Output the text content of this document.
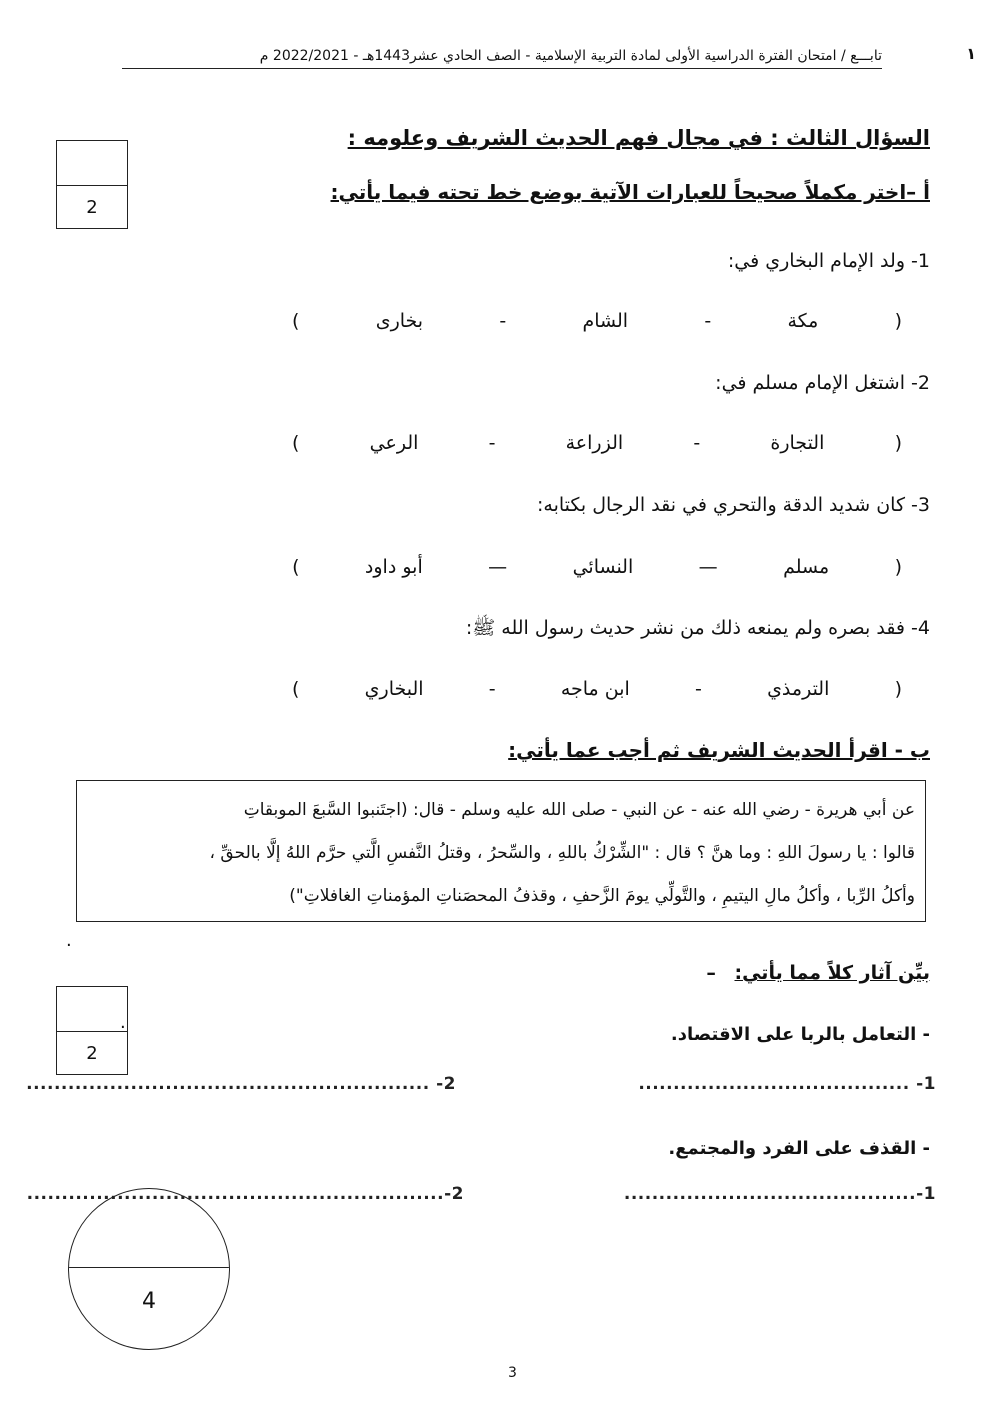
تابـــع / امتحان الفترة الدراسية الأولى لمادة التربية الإسلامية - الصف الحادي عشر1443هـ - 2022/2021 م	١
2
السؤال الثالث : في مجال فهم الحديث الشريف وعلومه :
أ –اختر مكملاً صحيحاً للعبارات الآتية بوضع خط تحته فيما يأتي:
1- ولد الإمام البخاري في:
(
مكة
-
الشام
-
بخارى
)
2- اشتغل الإمام مسلم في:
(
التجارة
-
الزراعة
-
الرعي
)
3- كان شديد الدقة والتحري في نقد الرجال بكتابه:
(
مسلم
—
النسائي
—
أبو داود
)
4- فقد بصره ولم يمنعه ذلك من نشر حديث رسول الله ﷺ:
(
الترمذي
-
ابن ماجه
-
البخاري
)
ب - اقرأ الحديث الشريف ثم أجب عما يأتي:
عن أبي هريرة - رضي الله عنه - عن النبي - صلى الله عليه وسلم - قال: (اجتَنبوا السَّبعَ الموبقاتِ
قالوا : يا رسولَ اللهِ : وما هنَّ ؟ قال : "الشِّرْكُ باللهِ ، والسِّحرُ ، وقتلُ النَّفسِ الَّتي حرَّم اللهُ إلَّا بالحقِّ ،
وأكلُ الرِّبا ، وأكلُ مالِ اليتيمِ ، والتَّولِّي يومَ الزَّحفِ ، وقذفُ المحصَناتِ المؤمناتِ الغافلاتِ")
.
بيِّن آثار كلاً مما يأتي: –
2
.
- التعامل بالربا على الاقتصاد.
1- .......................................
2- ..........................................................
- القذف على الفرد والمجتمع.
1-..........................................
2-............................................................
4
3
